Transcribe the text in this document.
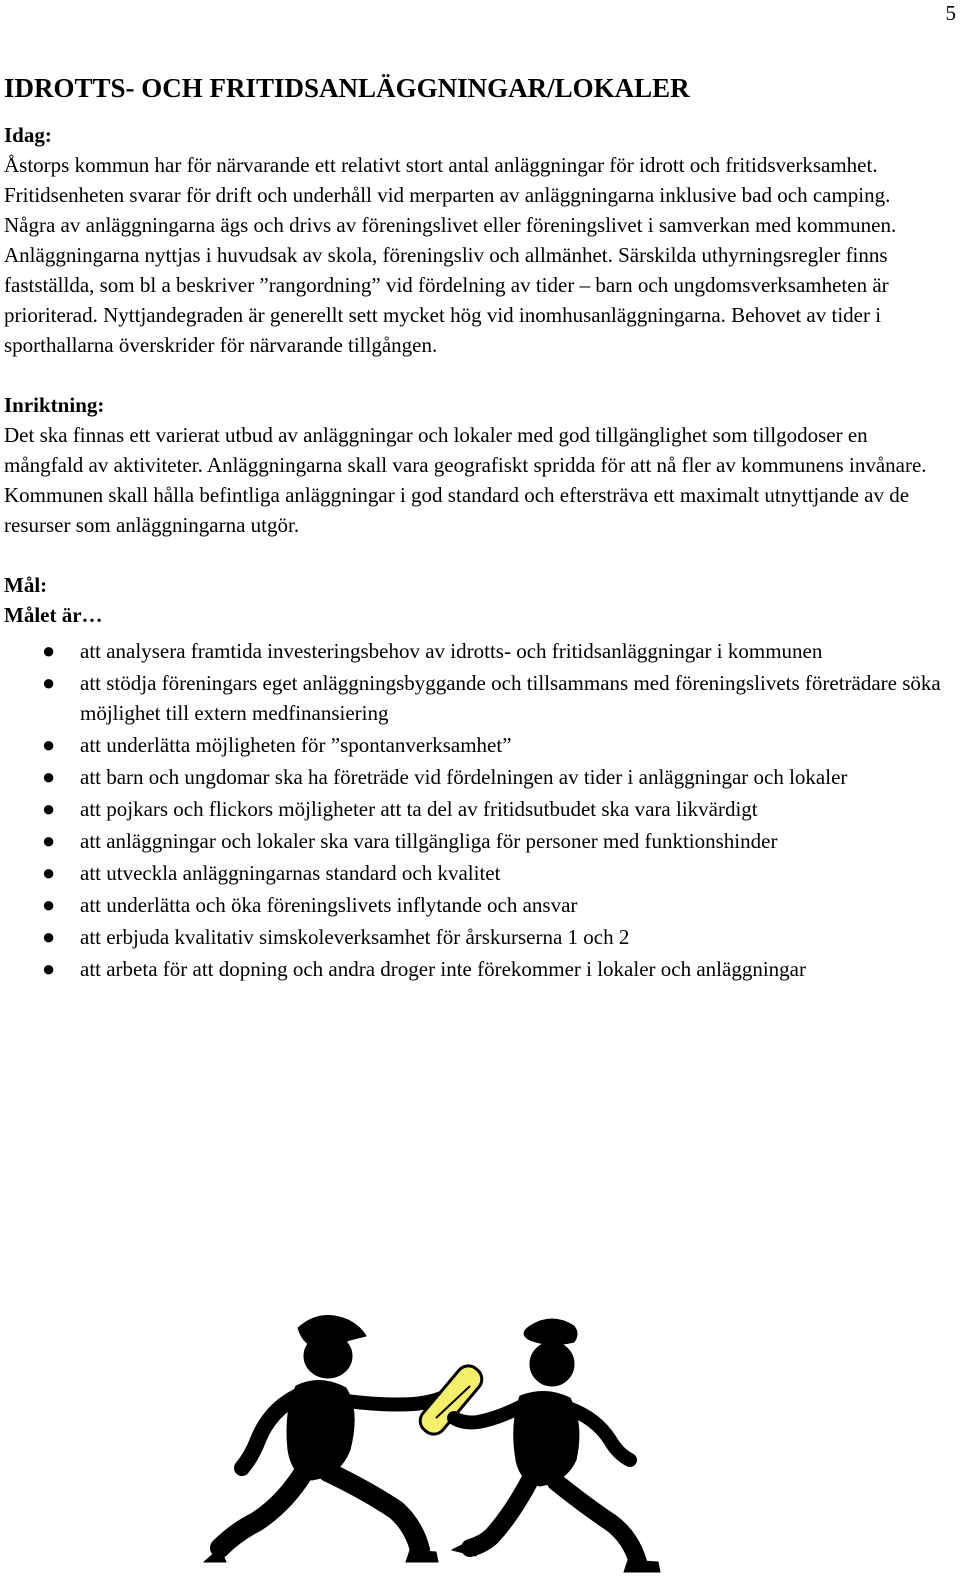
5
IDROTTS- OCH FRITIDSANLÄGGNINGAR/LOKALER
Idag:

Åstorps kommun har för närvarande ett relativt stort antal anläggningar för idrott och fritidsverksamhet. Fritidsenheten svarar för drift och underhåll vid merparten av anläggningarna inklusive bad och camping. Några av anläggningarna ägs och drivs av föreningslivet eller föreningslivet i samverkan med kommunen. Anläggningarna nyttjas i huvudsak av skola, föreningsliv och allmänhet. Särskilda uthyrningsregler finns fastställda, som bl a beskriver ”rangordning” vid fördelning av tider – barn och ungdomsverksamheten är prioriterad. Nyttjandegraden är generellt sett mycket hög vid inomhusanläggningarna. Behovet av tider i sporthallarna överskrider för närvarande tillgången.

Inriktning:

Det ska finnas ett varierat utbud av anläggningar och lokaler med god tillgänglighet som tillgodoser en mångfald av aktiviteter. Anläggningarna skall vara geografiskt spridda för att nå fler av kommunens invånare. Kommunen skall hålla befintliga anläggningar i god standard och eftersträva ett maximalt utnyttjande av de resurser som anläggningarna utgör.

Mål:
Målet är…
● att analysera framtida investeringsbehov av idrotts- och fritidsanläggningar i kommunen
● att stödja föreningars eget anläggningsbyggande och tillsammans med föreningslivets företrädare söka möjlighet till extern medfinansiering
● att underlätta möjligheten för ”spontanverksamhet”
● att barn och ungdomar ska ha företräde vid fördelningen av tider i anläggningar och lokaler
● att pojkars och flickors möjligheter att ta del av fritidsutbudet ska vara likvärdigt
● att anläggningar och lokaler ska vara tillgängliga för personer med funktionshinder
● att utveckla anläggningarnas standard och kvalitet
● att underlätta och öka föreningslivets inflytande och ansvar
● att erbjuda kvalitativ simskoleverksamhet för årskurserna 1 och 2
● att arbeta för att dopning och andra droger inte förekommer i lokaler och anläggningar
